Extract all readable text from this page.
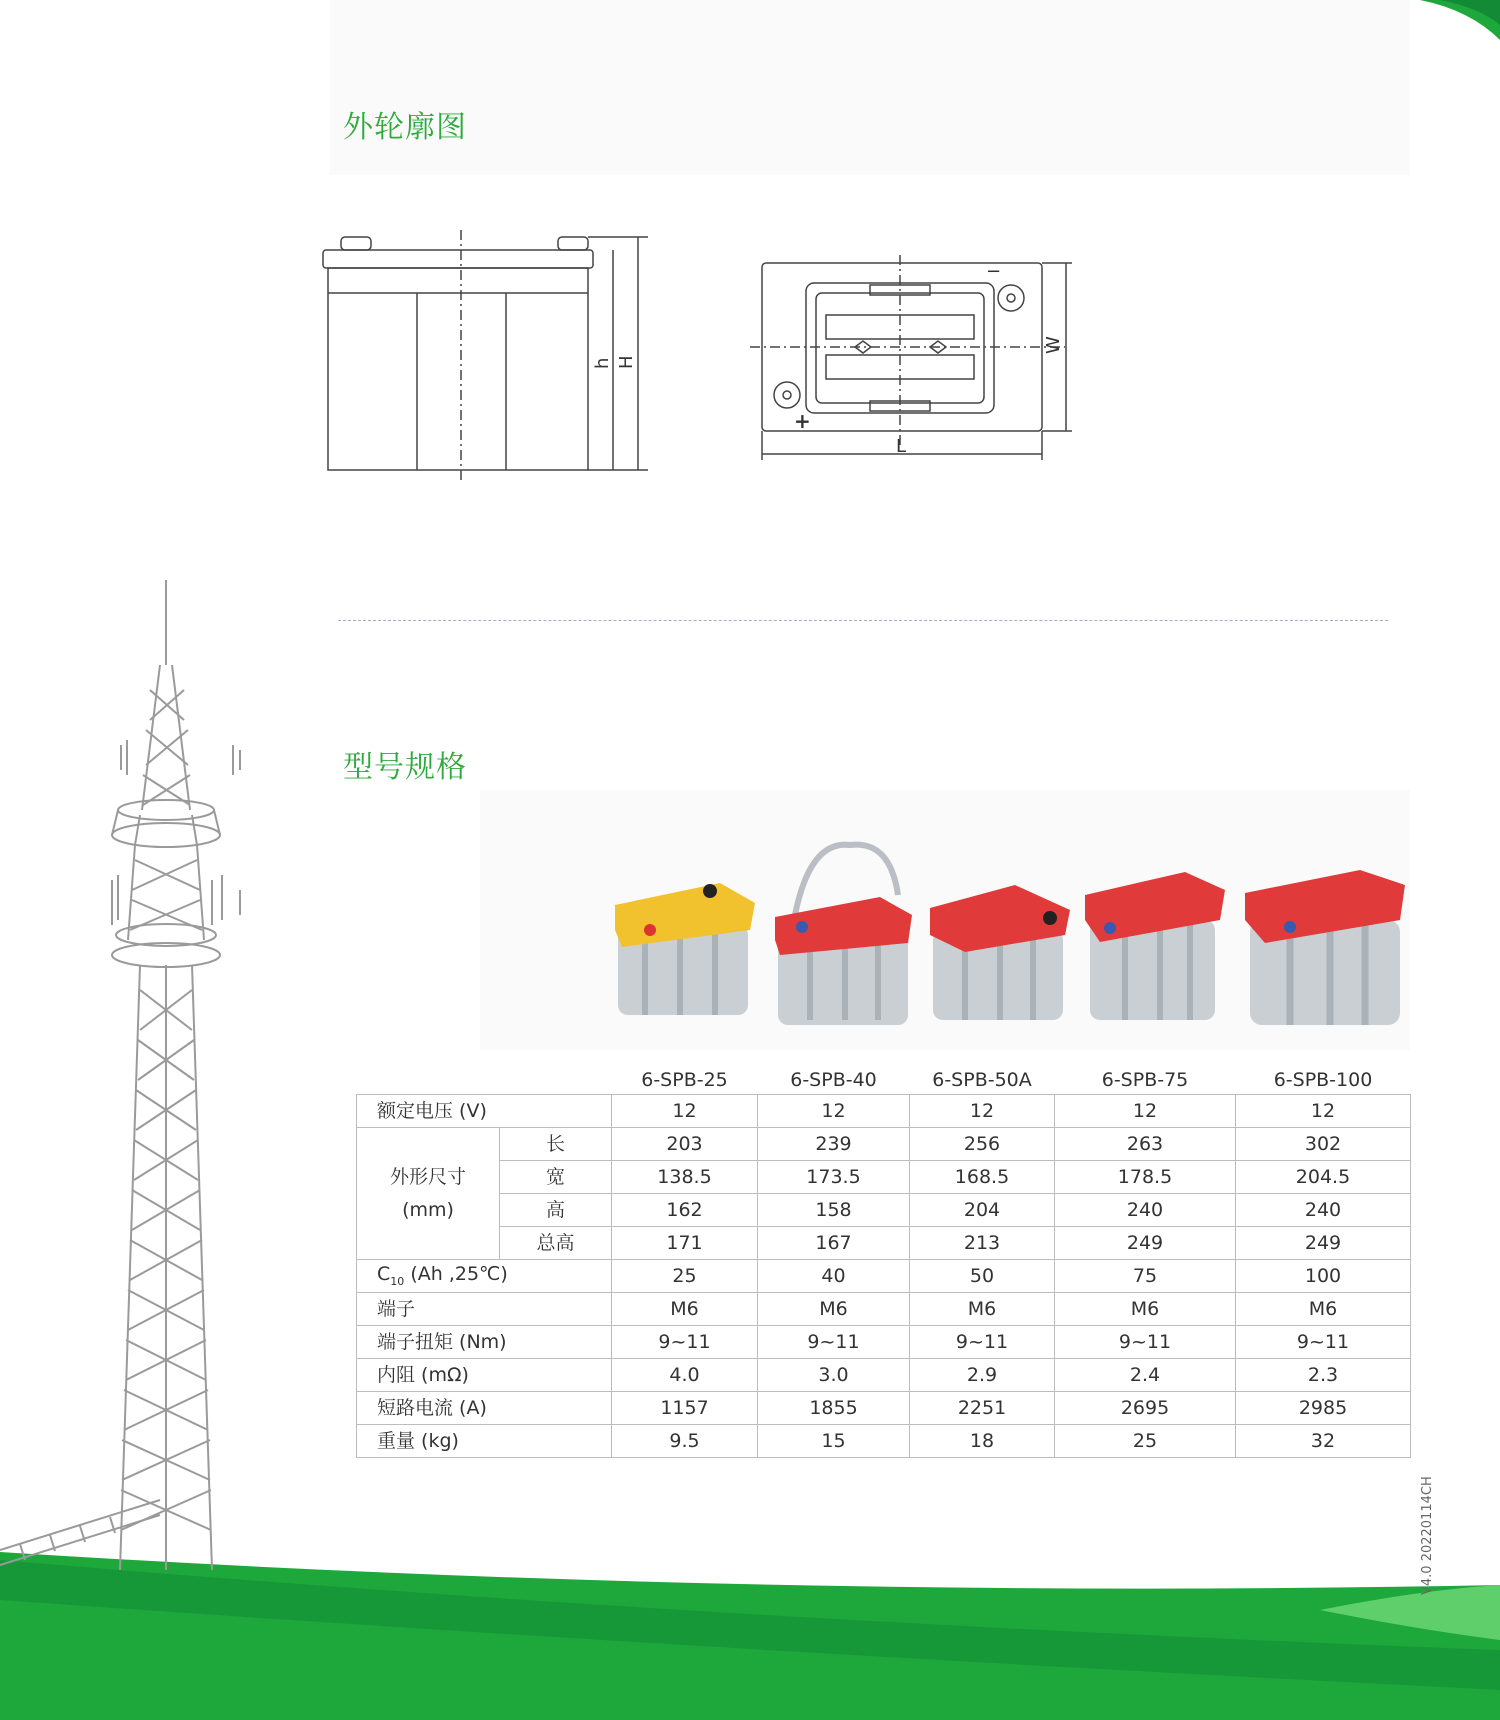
外轮廓图
h H
−
+
W
L
型号规格
		6-SPB-25	6-SPB-40	6-SPB-50A	6-SPB-75	6-SPB-100
额定电压 (V)		12	12	12	12	12
外形尺寸
(mm)	长	203	239	256	263	302
	宽	138.5	173.5	168.5	178.5	204.5
	高	162	158	204	240	240
	总高	171	167	213	249	249
$C_{10}$ (Ah ,25℃)		25	40	50	75	100
端子		M6	M6	M6	M6	M6
端子扭矩 (Nm)		9~11	9~11	9~11	9~11	9~11
内阻 (mΩ)		4.0	3.0	2.9	2.4	2.3
短路电流 (A)		1157	1855	2251	2695	2985
重量 (kg)		9.5	15	18	25	32
V4.0 20220114CH
